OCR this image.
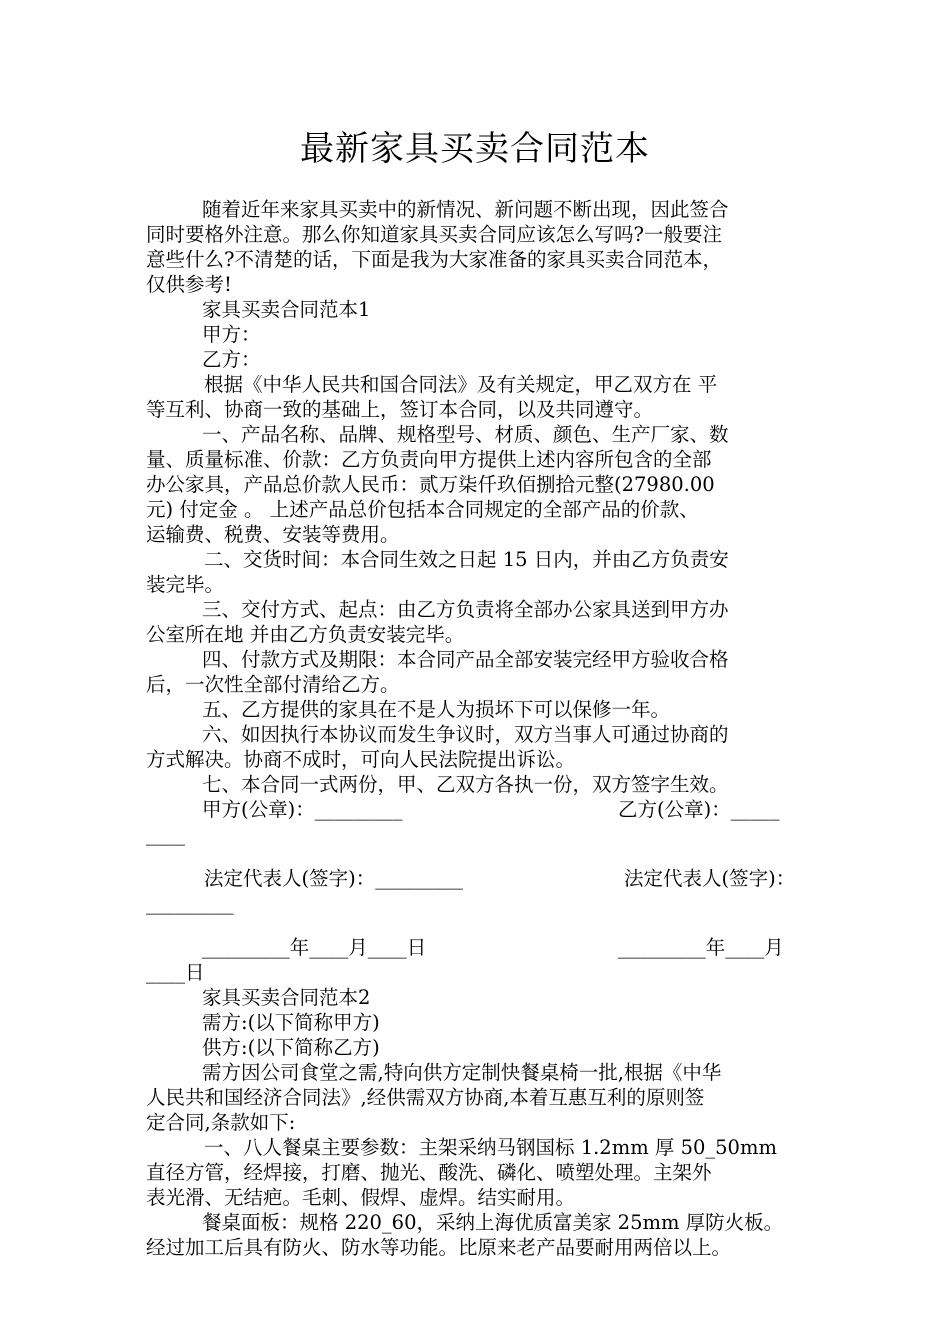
最新家具买卖合同范本

随着近年来家具买卖中的新情况、新问题不断出现，因此签合

同时要格外注意。那么你知道家具买卖合同应该怎么写吗?一般要注

意些什么?不清楚的话，下面是我为大家准备的家具买卖合同范本，

仅供参考!

家具买卖合同范本1

甲方：

乙方：

根据《中华人民共和国合同法》及有关规定，甲乙双方在 平

等互利、协商一致的基础上，签订本合同，以及共同遵守。

一、产品名称、品牌、规格型号、材质、颜色、生产厂家、数

量、质量标准、价款：乙方负责向甲方提供上述内容所包含的全部

办公家具，产品总价款人民币：贰万柒仟玖佰捌拾元整(27980.00

元) 付定金 。 上述产品总价包括本合同规定的全部产品的价款、

运输费、税费、安装等费用。

二、交货时间：本合同生效之日起 15 日内，并由乙方负责安

装完毕。

三、交付方式、起点：由乙方负责将全部办公家具送到甲方办

公室所在地 并由乙方负责安装完毕。

四、付款方式及期限：本合同产品全部安装完经甲方验收合格

后，一次性全部付清给乙方。

五、乙方提供的家具在不是人为损坏下可以保修一年。

六、如因执行本协议而发生争议时，双方当事人可通过协商的

方式解决。协商不成时，可向人民法院提出诉讼。

七、本合同一式两份，甲、乙双方各执一份，双方签字生效。

甲方(公章)：_________	乙方(公章)：_____

____

法定代表人(签字)：_________	法定代表人(签字)：

_________

_________年____月____日	_________年____月

____日

家具买卖合同范本2

需方:(以下简称甲方)

供方:(以下简称乙方)

需方因公司食堂之需,特向供方定制快餐桌椅一批,根据《中华

人民共和国经济合同法》,经供需双方协商,本着互惠互利的原则签

定合同,条款如下:

一、八人餐桌主要参数：主架采纳马钢国标 1.2mm 厚 50_50mm

直径方管，经焊接，打磨、抛光、酸洗、磷化、喷塑处理。主架外

表光滑、无结疤。毛刺、假焊、虚焊。结实耐用。

餐桌面板：规格 220_60，采纳上海优质富美家 25mm 厚防火板。

经过加工后具有防火、防水等功能。比原来老产品要耐用两倍以上。
